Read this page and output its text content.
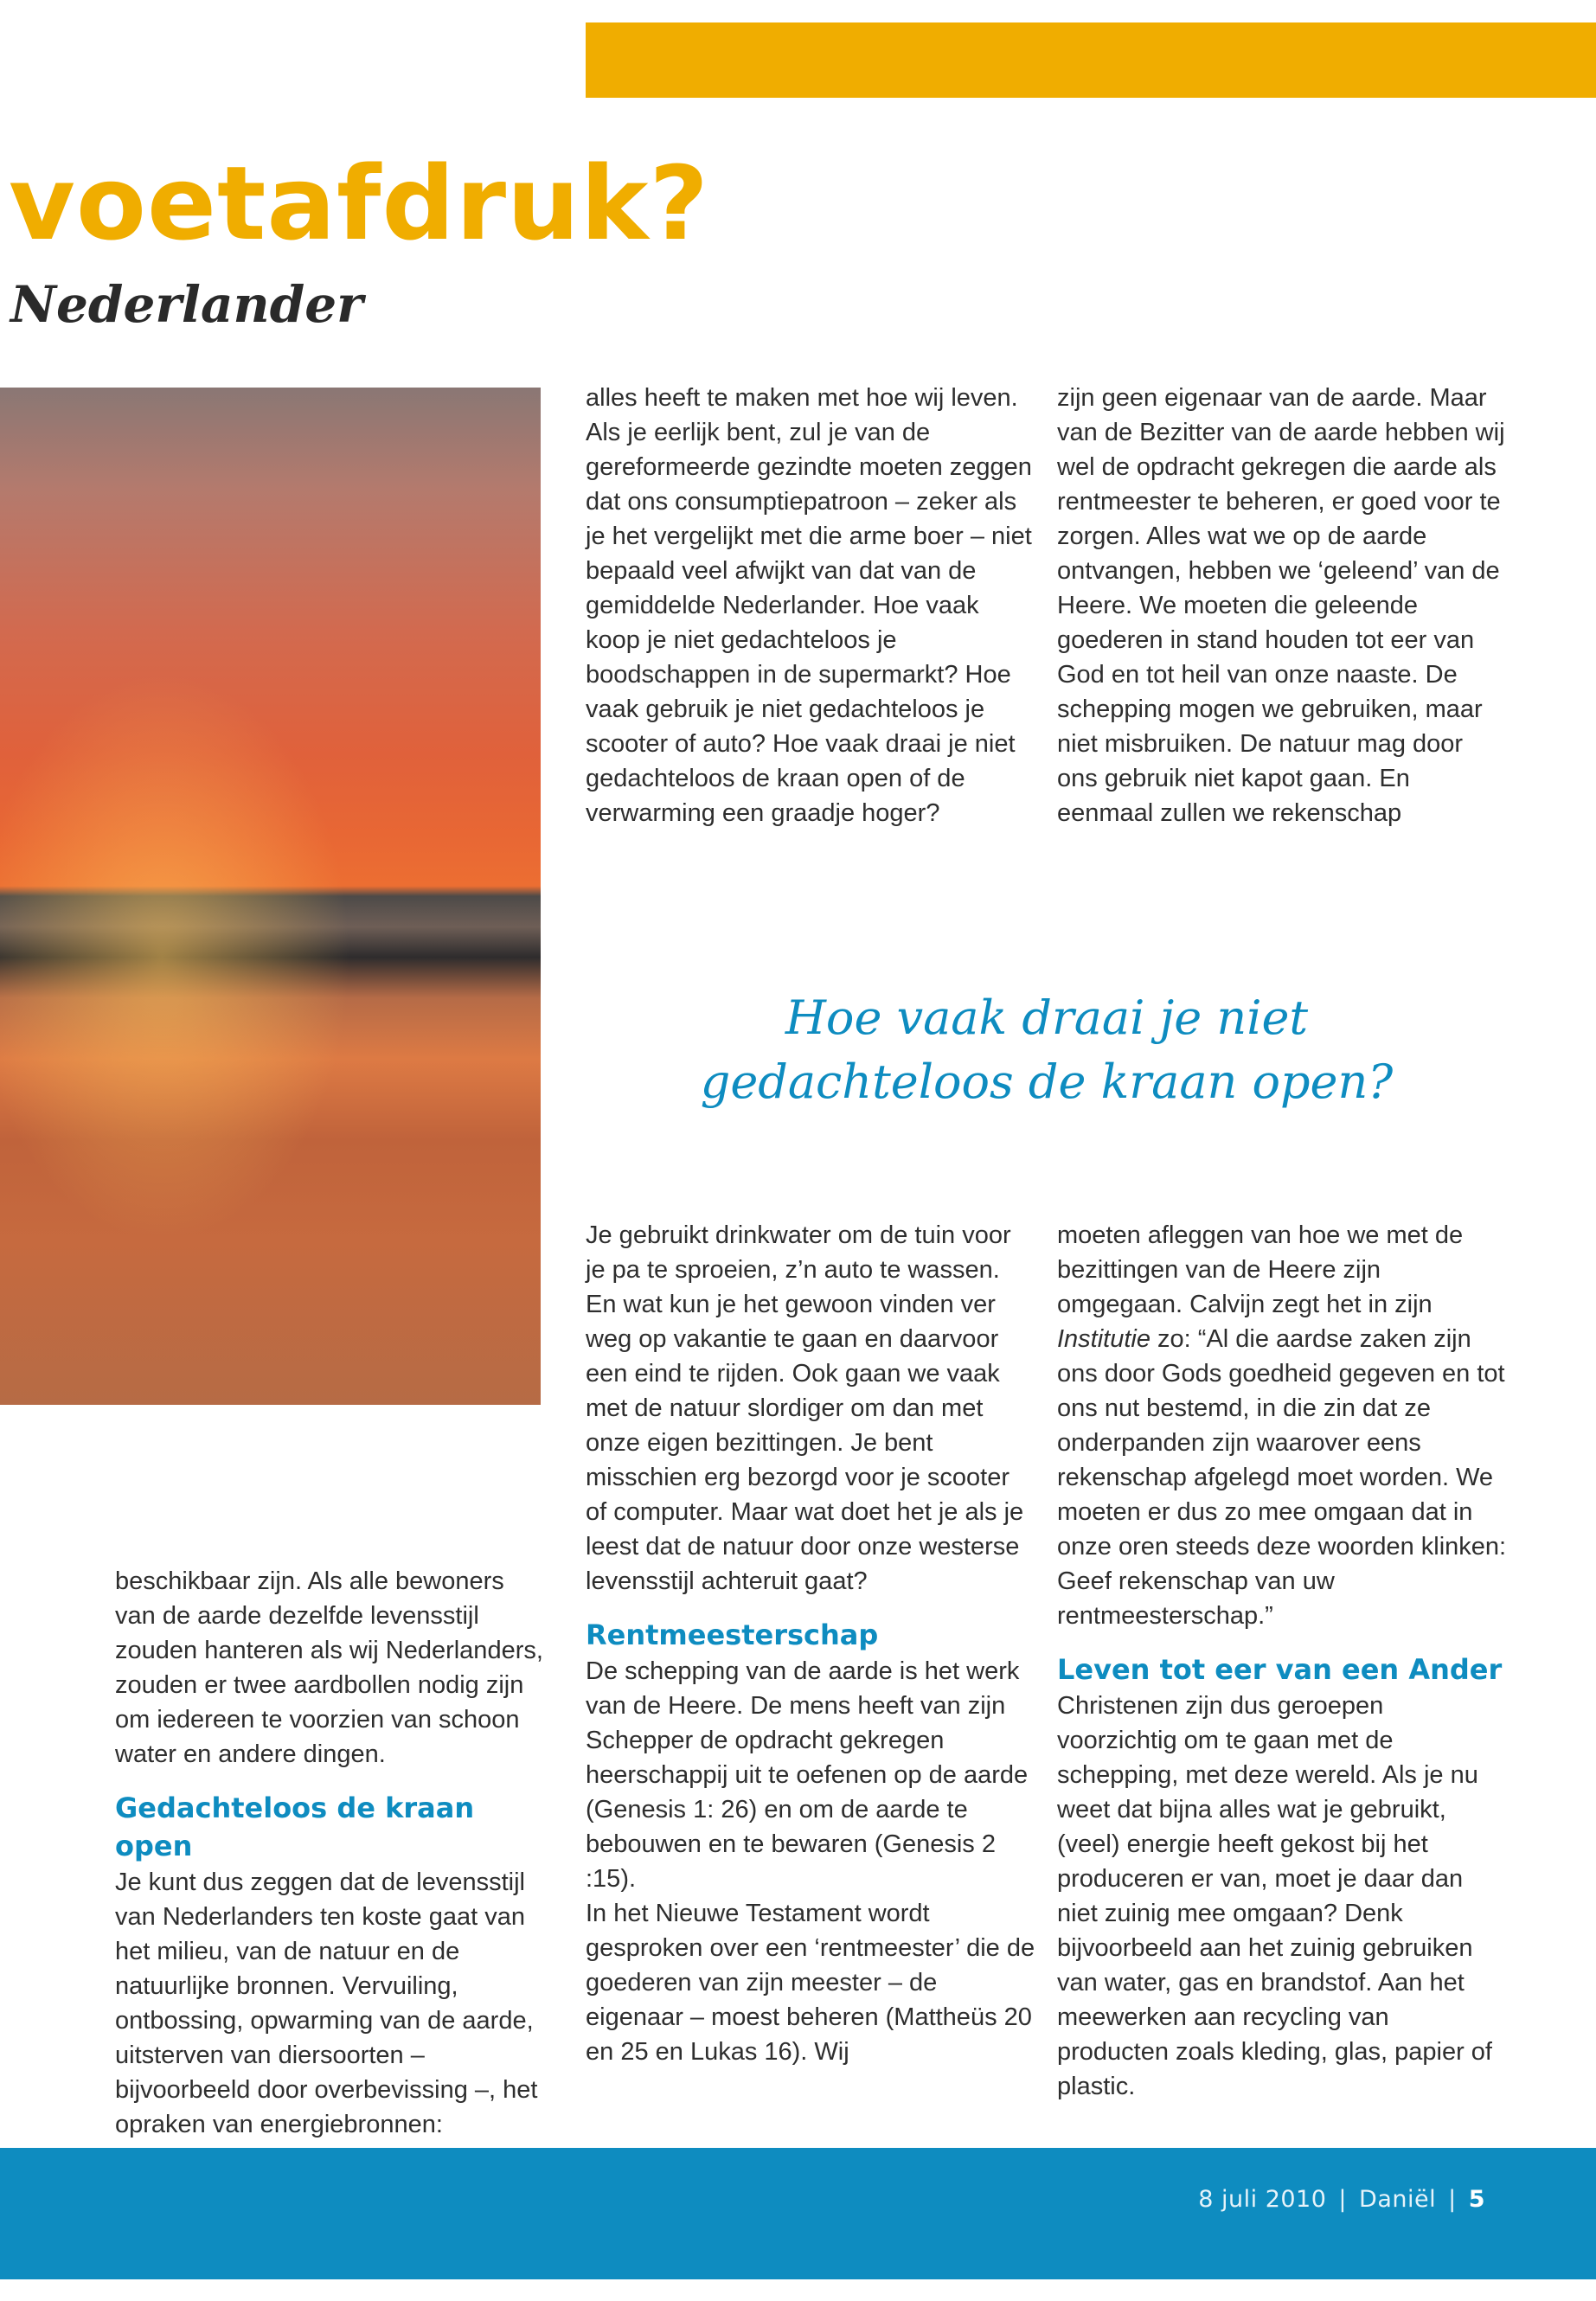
voetafdruk?
Nederlander

alles heeft te maken met hoe wij leven. Als je eerlijk bent, zul je van de gereformeerde gezindte moeten zeggen dat ons consumptiepatroon – zeker als je het vergelijkt met die arme boer – niet bepaald veel afwijkt van dat van de gemiddelde Nederlander. Hoe vaak koop je niet gedachteloos je boodschappen in de supermarkt? Hoe vaak gebruik je niet gedachteloos je scooter of auto? Hoe vaak draai je niet gedachteloos de kraan open of de verwarming een graadje hoger?

zijn geen eigenaar van de aarde. Maar van de Bezitter van de aarde hebben wij wel de opdracht gekregen die aarde als rentmeester te beheren, er goed voor te zorgen. Alles wat we op de aarde ontvangen, hebben we ‘geleend’ van de Heere. We moeten die geleende goederen in stand houden tot eer van God en tot heil van onze naaste. De schepping mogen we gebruiken, maar niet misbruiken. De natuur mag door ons gebruik niet kapot gaan. En eenmaal zullen we rekenschap

Hoe vaak draai je niet
gedachteloos de kraan open?

beschikbaar zijn. Als alle bewoners van de aarde dezelfde levensstijl zouden hanteren als wij Nederlanders, zouden er twee aardbollen nodig zijn om iedereen te voorzien van schoon water en andere dingen.

Gedachteloos de kraan open

Je kunt dus zeggen dat de levensstijl van Nederlanders ten koste gaat van het milieu, van de natuur en de natuurlijke bronnen. Vervuiling, ontbossing, opwarming van de aarde, uitsterven van diersoorten – bijvoorbeeld door overbevissing –, het opraken van energiebronnen:

Je gebruikt drinkwater om de tuin voor je pa te sproeien, z’n auto te wassen. En wat kun je het gewoon vinden ver weg op vakantie te gaan en daarvoor een eind te rijden. Ook gaan we vaak met de natuur slordiger om dan met onze eigen bezittingen. Je bent misschien erg bezorgd voor je scooter of computer. Maar wat doet het je als je leest dat de natuur door onze westerse levensstijl achteruit gaat?

Rentmeesterschap

De schepping van de aarde is het werk van de Heere. De mens heeft van zijn Schepper de opdracht gekregen heerschappij uit te oefenen op de aarde (Genesis 1: 26) en om de aarde te bebouwen en te bewaren (Genesis 2 :15).

In het Nieuwe Testament wordt gesproken over een ‘rentmeester’ die de goederen van zijn meester – de eigenaar – moest beheren (Mattheüs 20 en 25 en Lukas 16). Wij

moeten afleggen van hoe we met de bezittingen van de Heere zijn omgegaan. Calvijn zegt het in zijn Institutie zo: “Al die aardse zaken zijn ons door Gods goedheid gegeven en tot ons nut bestemd, in die zin dat ze onderpanden zijn waarover eens rekenschap afgelegd moet worden. We moeten er dus zo mee omgaan dat in onze oren steeds deze woorden klinken: Geef rekenschap van uw rentmeesterschap.”

Leven tot eer van een Ander

Christenen zijn dus geroepen voorzichtig om te gaan met de schepping, met deze wereld. Als je nu weet dat bijna alles wat je gebruikt, (veel) energie heeft gekost bij het produceren er van, moet je daar dan niet zuinig mee omgaan? Denk bijvoorbeeld aan het zuinig gebruiken van water, gas en brandstof. Aan het meewerken aan recycling van producten zoals kleding, glas, papier of plastic.

8 juli 2010 | Daniël | 5
